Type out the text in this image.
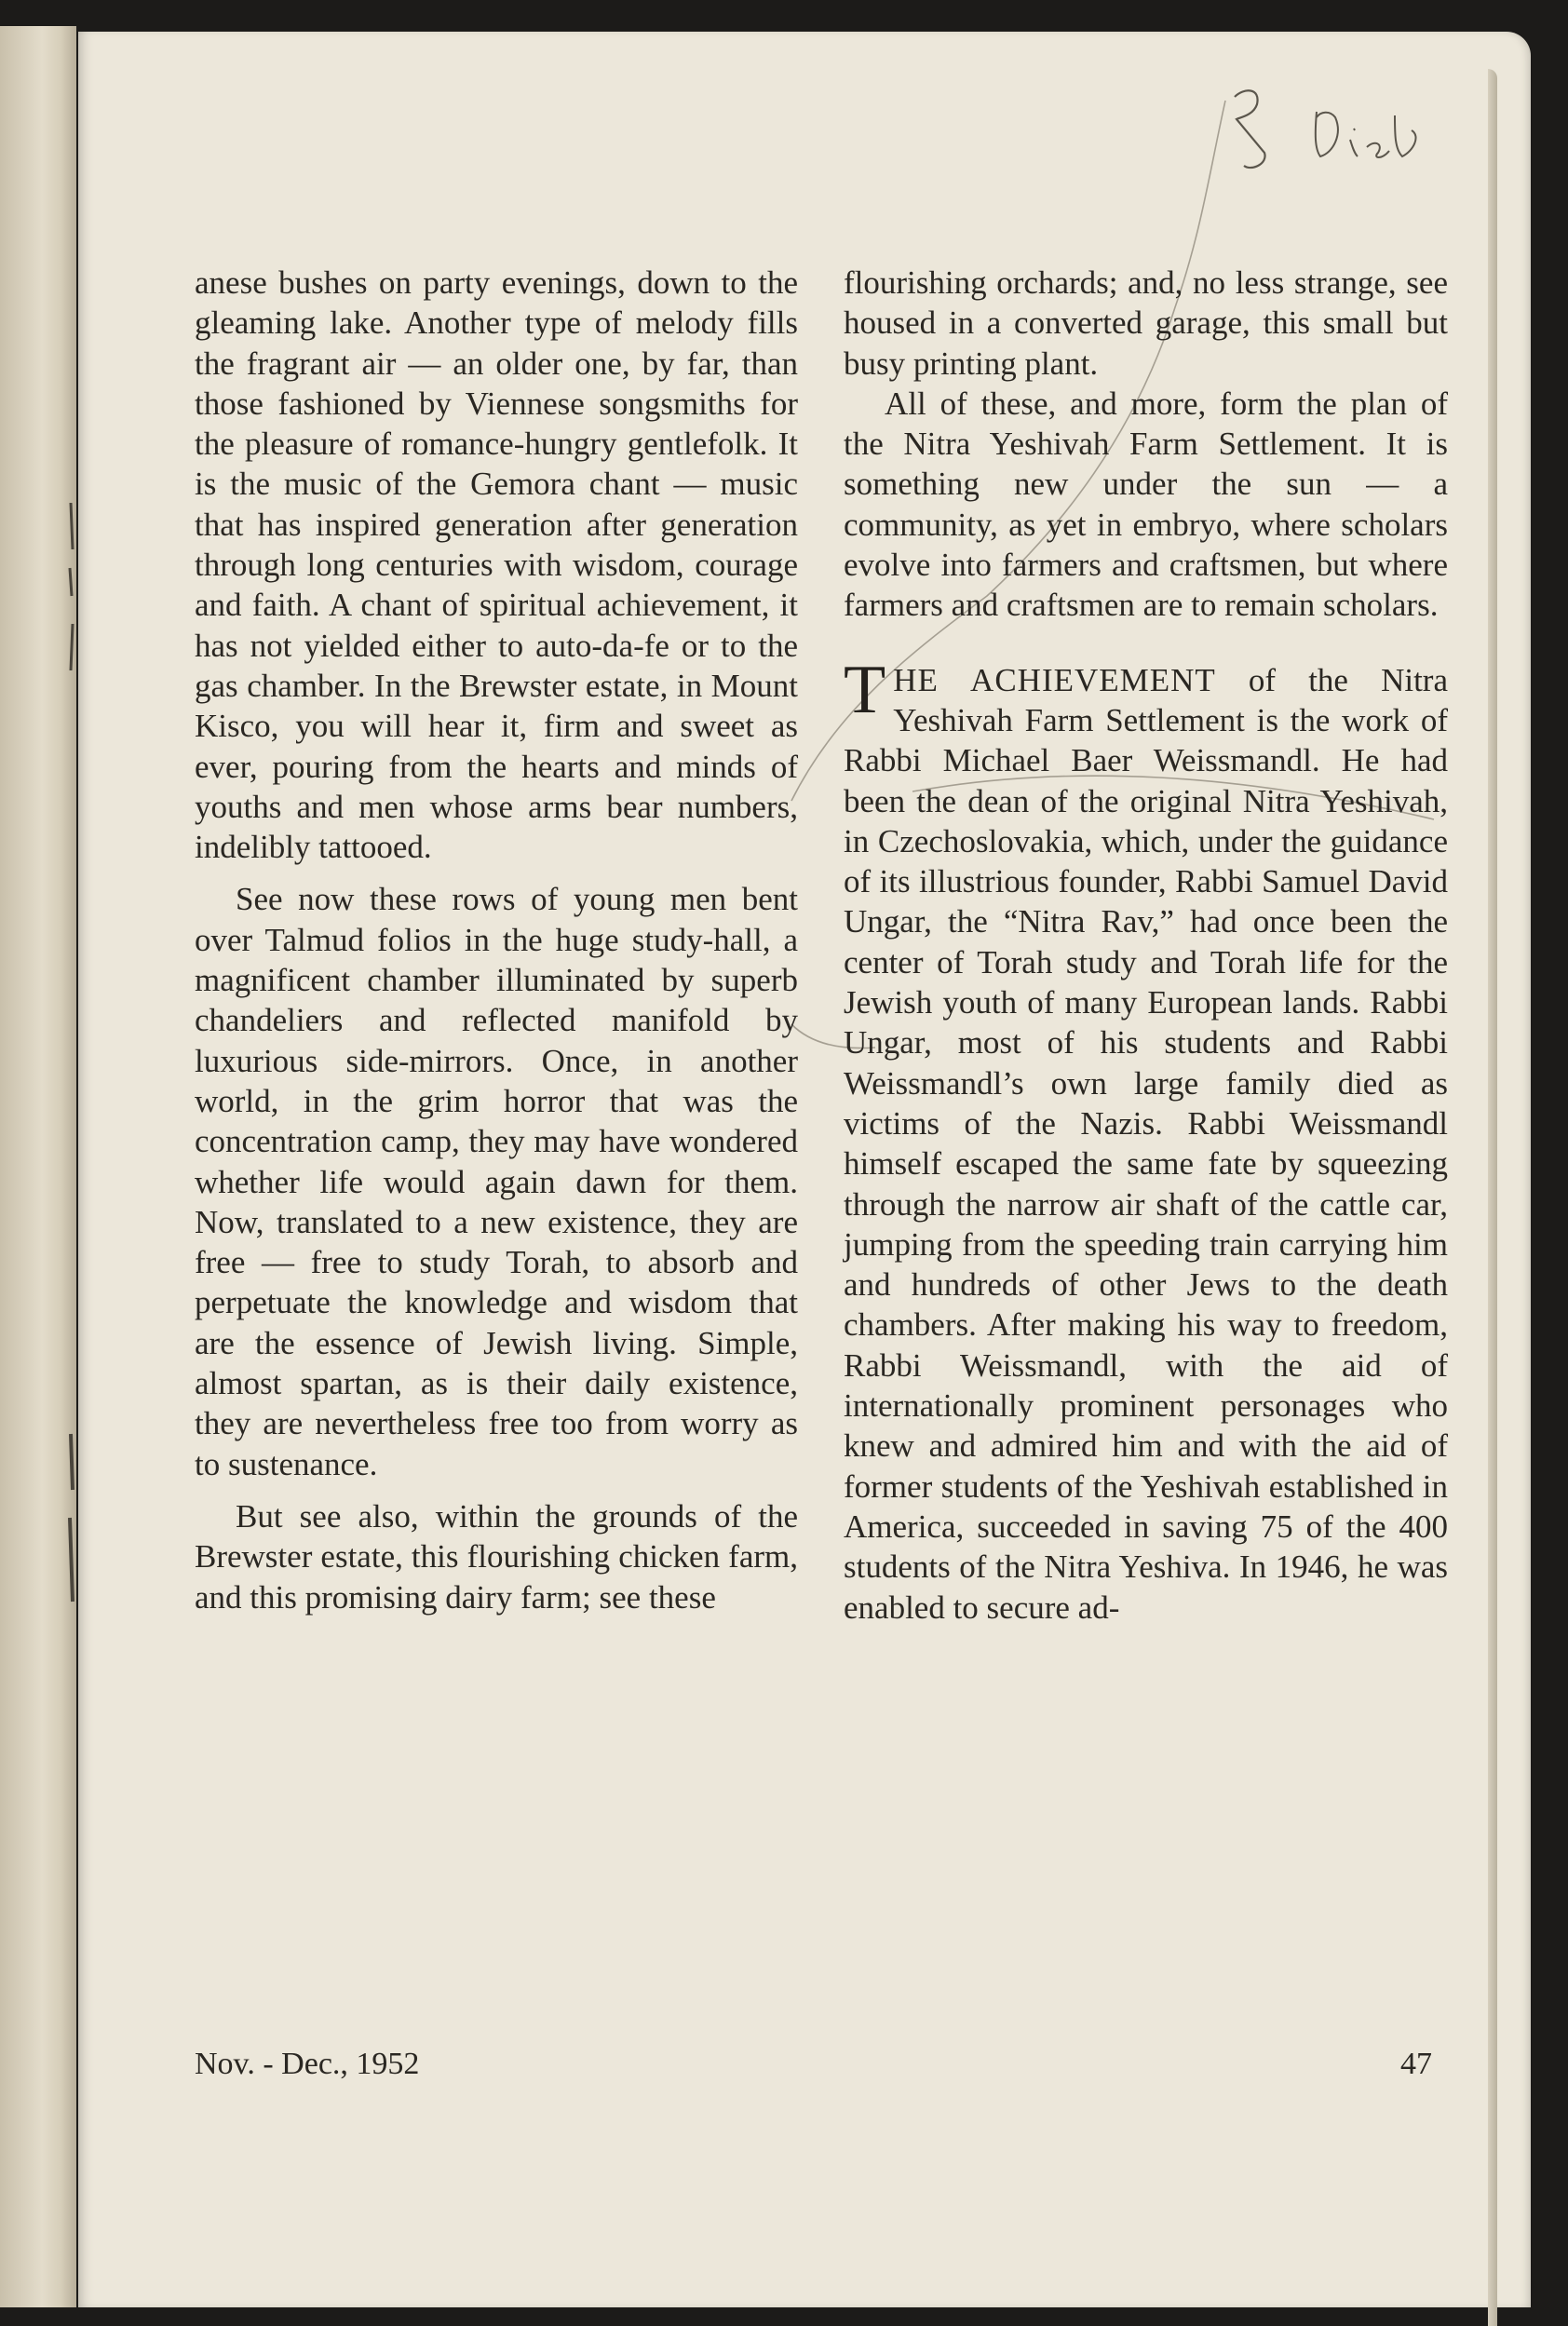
anese bushes on party evenings, down to the gleaming lake. Another type of melody fills the fragrant air — an older one, by far, than those fashioned by Viennese songsmiths for the pleasure of romance-hungry gentlefolk. It is the music of the Gemora chant — music that has inspired generation after generation through long centuries with wisdom, courage and faith. A chant of spiritual achievement, it has not yielded either to auto-da-fe or to the gas chamber. In the Brewster estate, in Mount Kisco, you will hear it, firm and sweet as ever, pouring from the hearts and minds of youths and men whose arms bear numbers, indelibly tattooed.

See now these rows of young men bent over Talmud folios in the huge study-hall, a magnificent chamber illuminated by superb chandeliers and reflected manifold by luxurious side-mirrors. Once, in another world, in the grim horror that was the concentration camp, they may have wondered whether life would again dawn for them. Now, translated to a new existence, they are free — free to study Torah, to absorb and perpetuate the knowledge and wisdom that are the essence of Jewish living. Simple, almost spartan, as is their daily existence, they are nevertheless free too from worry as to sustenance.

But see also, within the grounds of the Brewster estate, this flourishing chicken farm, and this promising dairy farm; see these

flourishing orchards; and, no less strange, see housed in a converted garage, this small but busy printing plant.

All of these, and more, form the plan of the Nitra Yeshivah Farm Settlement. It is something new under the sun — a community, as yet in embryo, where scholars evolve into farmers and craftsmen, but where farmers and craftsmen are to remain scholars.

THE ACHIEVEMENT of the Nitra Yeshivah Farm Settlement is the work of Rabbi Michael Baer Weissmandl. He had been the dean of the original Nitra Yeshivah, in Czechoslovakia, which, under the guidance of its illustrious founder, Rabbi Samuel David Ungar, the “Nitra Rav,” had once been the center of Torah study and Torah life for the Jewish youth of many European lands. Rabbi Ungar, most of his students and Rabbi Weissmandl’s own large family died as victims of the Nazis. Rabbi Weissmandl himself escaped the same fate by squeezing through the narrow air shaft of the cattle car, jumping from the speeding train carrying him and hundreds of other Jews to the death chambers. After making his way to freedom, Rabbi Weissmandl, with the aid of internationally prominent personages who knew and admired him and with the aid of former students of the Yeshivah established in America, succeeded in saving 75 of the 400 students of the Nitra Yeshiva. In 1946, he was enabled to secure ad-

Nov. - Dec., 1952	47
